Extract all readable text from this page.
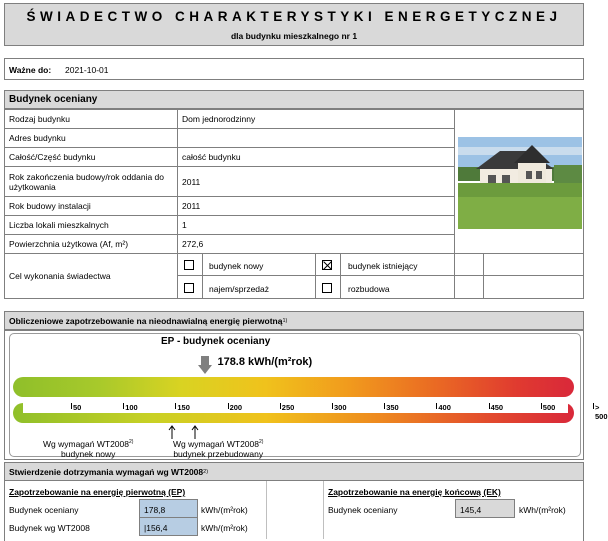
ŚWIADECTWO CHARAKTERYSTYKI ENERGETYCZNEJ
dla budynku mieszkalnego nr 1
Ważne do: 2021-10-01
Budynek oceniany
Rodzaj budynku	Dom jednorodzinny
Adres budynku
Całość/Część budynku	całość budynku
Rok zakończenia budowy/rok oddania do użytkowania	2011
Rok budowy instalacji	2011
Liczba lokali mieszkalnych	1
Powierzchnia użytkowa (Af, m²)	272,6
Cel wykonania świadectwa
budynek nowy	budynek istniejący
najem/sprzedaż	rozbudowa
Obliczeniowe zapotrzebowanie na nieodnawialną energię pierwotną 1)
EP - budynek oceniany
178.8 kWh/(m²rok)
50	100	150	200	250	300	350	400	450	500	> 500
Wg wymagań WT2008$^{2)}$
budynek nowy
Wg wymagań WT2008$^{2)}$
budynek przebudowany
Stwierdzenie dotrzymania wymagań wg WT2008 2)
Zapotrzebowanie na energię pierwotną (EP)	Zapotrzebowanie na energię końcową (EK)
Budynek oceniany	178,8	kWh/(m²rok)
Budynek wg WT2008	|156,4	kWh/(m²rok)
Budynek oceniany	145,4	kWh/(m²rok)
